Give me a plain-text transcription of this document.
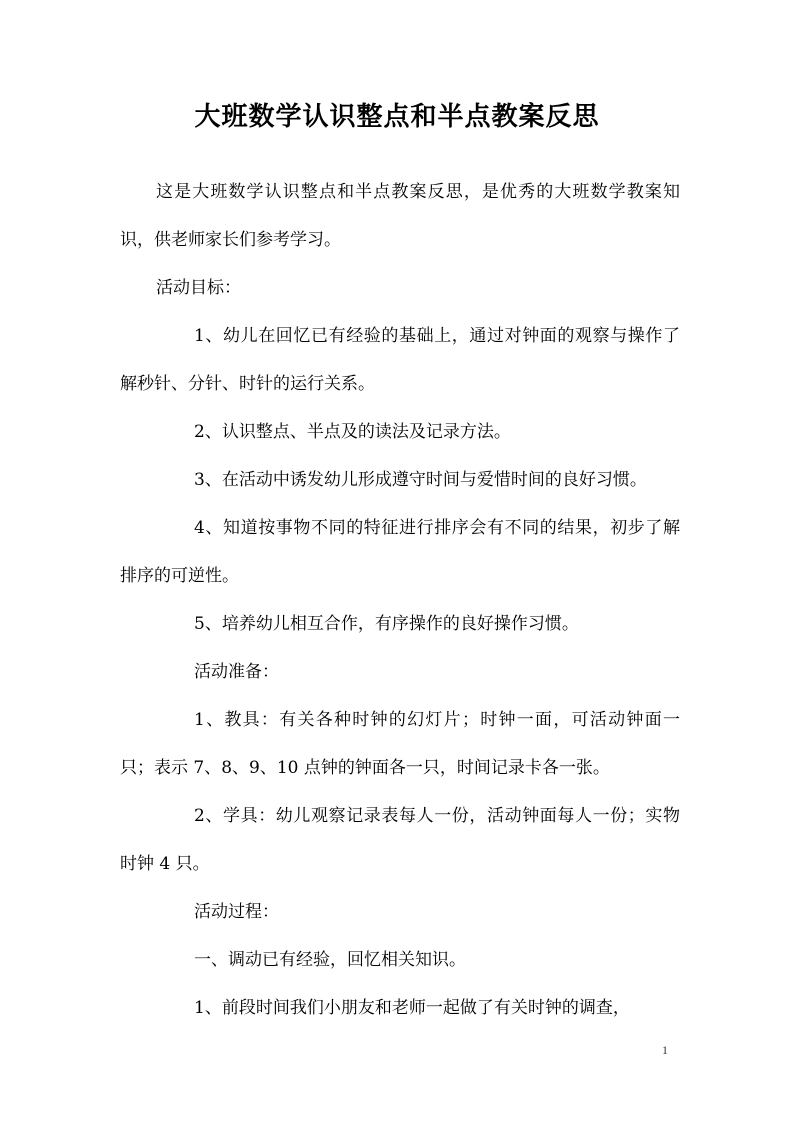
大班数学认识整点和半点教案反思

这是大班数学认识整点和半点教案反思，是优秀的大班数学教案知识，供老师家长们参考学习。

活动目标：

1、幼儿在回忆已有经验的基础上，通过对钟面的观察与操作了解秒针、分针、时针的运行关系。

2、认识整点、半点及的读法及记录方法。

3、在活动中诱发幼儿形成遵守时间与爱惜时间的良好习惯。

4、知道按事物不同的特征进行排序会有不同的结果，初步了解排序的可逆性。

5、培养幼儿相互合作，有序操作的良好操作习惯。

活动准备：

1、教具：有关各种时钟的幻灯片；时钟一面，可活动钟面一只；表示 7、8、9、10 点钟的钟面各一只，时间记录卡各一张。

2、学具：幼儿观察记录表每人一份，活动钟面每人一份；实物时钟 4 只。

活动过程：

一、调动已有经验，回忆相关知识。

1、前段时间我们小朋友和老师一起做了有关时钟的调查，

1
